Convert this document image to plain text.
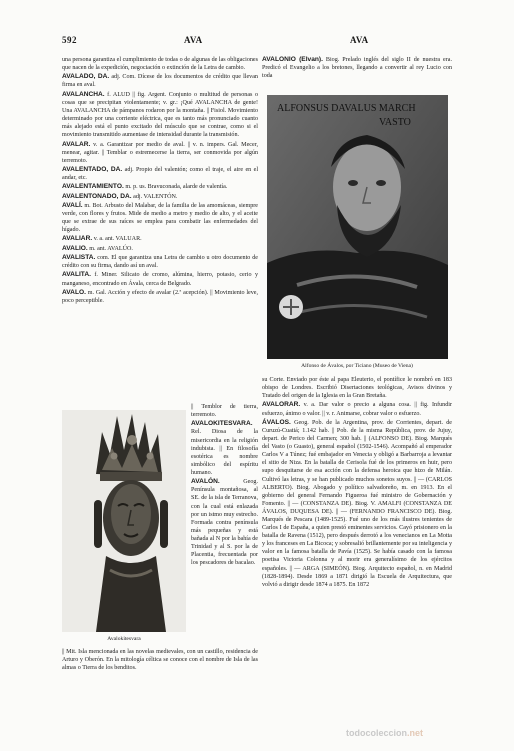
592	AVA	AVA

una persona garantiza el cumplimiento de todas o de algunas de las obligaciones que nacen de la expedición, negociación o extinción de la Letra de cambio.

AVALADO, DA. adj. Com. Dícese de los documentos de crédito que llevan firma en aval.

AVALANCHA. f. ALUD || fig. Argent. Conjunto o multitud de personas o cosas que se precipitan violentamente; v. gr.: ¡Qué AVALANCHA de gente! Una AVALANCHA de pámpanos rodaron por la montaña. || Fisiol. Movimiento determinado por una corriente eléctrica, que es tanto más pronunciado cuanto más alejado está el punto excitado del músculo que se contrae, como si el movimiento transmitido aumentase de intensidad durante la transmisión.

AVALAR. v. a. Garantizar por medio de aval. || v. n. impers. Gal. Mecer, menear, agitar. || Temblar o estremecerse la tierra, ser conmovida por algún terremoto.

AVALENTADO, DA. adj. Propio del valentón; como el traje, el aire en el andar, etc.

AVALENTAMIENTO. m. p. us. Bravuconada, alarde de valentía.

AVALENTONADO, DA. adj. VALENTÓN.

AVALÍ. m. Bot. Arbusto del Malabar, de la familia de las amomáceas, siempre verde, con flores y frutos. Mide de medio a metro y medio de alto, y el aceite que se extrae de sus raíces se emplea para combatir las enfermedades del hígado.

AVALIAR. v. a. ant. VALUAR.

AVALIO. m. ant. AVALÚO.

AVALISTA. com. El que garantiza una Letra de cambio u otro documento de crédito con su firma, dando así un aval.

AVALITA. f. Miner. Silicato de cromo, alúmina, hierro, potasio, cerio y manganeso, encontrado en Ávala, cerca de Belgrado.

AVALO. m. Gal. Acción y efecto de avalar (2.ª acepción). || Movimiento leve, poco perceptible.

Avalokitesvara

|| Temblor de tierra, terremoto.

AVALOKITESVARA. Rel. Diosa de la misericordia en la religión indubista. || En filosofía esotérica es nombre simbólico del espíritu humano.

AVALÓN. Geog. Península montañosa, al SE. de la isla de Terranova, con la cual está enlazada por un istmo muy estrecho. Formada contra península más pequeñas y está bañada al N por la bahía de Trinidad y al S. por la de Placentia, frecuentada por los pescadores de bacalao.

|| Mit. Isla mencionada en las novelas medievales, con un castillo, residencia de Arturo y Oberón. En la mitología céltica se conoce con el nombre de Isla de las almas o Tierra de los benditos.

AVALONIO (Elvan). Biog. Prelado inglés del siglo II de nuestra era. Predicó el Evangelio a los bretones, llegando a convertir al rey Lucio con toda

ALFONSUS DAVALUS MARCH
VASTO
Alfonso de Ávalos, por Ticiano (Museo de Viena)

su Corte. Enviado por éste al papa Eleuterio, el pontífice le nombró en 183 obispo de Londres. Escribió Disertaciones teológicas, Avisos divinos y Tratado del origen de la Iglesia en la Gran Bretaña.

AVALORAR. v. a. Dar valor o precio a alguna cosa. || fig. Infundir esfuerzo, ánimo o valor. || v. r. Animarse, cobrar valor o esfuerzo.

ÁVALOS. Geog. Pob. de la Argentina, prov. de Corrientes, depart. de Curuzú-Cuatiá; 1.142 hab. || Pob. de la misma República, prov. de Jujuy, depart. de Perico del Carmen; 300 hab. || (ALFONSO DE). Biog. Marqués del Vasto (o Guasto), general español (1502-1546). Acompañó al emperador Carlos V a Túnez; fué embajador en Venecia y obligó a Barbarroja a levantar el sitio de Niza. En la batalla de Cerisola fué de los primeros en huir, pero supo desquitarse de esa acción con la defensa heroica que hizo de Milán. Cultivó las letras, y se han publicado muchos sonetos suyos. || — (CARLOS ALBERTO). Biog. Abogado y político salvadoreño, m. en 1913. En el gobierno del general Fernando Figueroa fué ministro de Gobernación y Fomento. || — (CONSTANZA DE). Biog. V. AMALFI (CONSTANZA DE ÁVALOS, DUQUESA DE). || — (FERNANDO FRANCISCO DE). Biog. Marqués de Pescara (1489-1525). Fué uno de los más ilustres tenientes de Carlos I de España, a quien prestó eminentes servicios. Cayó prisionero en la batalla de Ravena (1512), pero después derrotó a los venecianos en La Motta y los franceses en La Bicoca; y sobresalió brillantemente por su inteligencia y valor en la famosa batalla de Pavía (1525). Se había casado con la famosa poetisa Victoria Colonna y al morir era generalísimo de los ejércitos españoles. || — ARGA (SIMEÓN). Biog. Arquitecto español, n. en Madrid (1828-1894). Desde 1869 a 1871 dirigió la Escuela de Arquitectura, que volvió a dirigir desde 1874 a 1875. En 1872

todocoleccion.net
